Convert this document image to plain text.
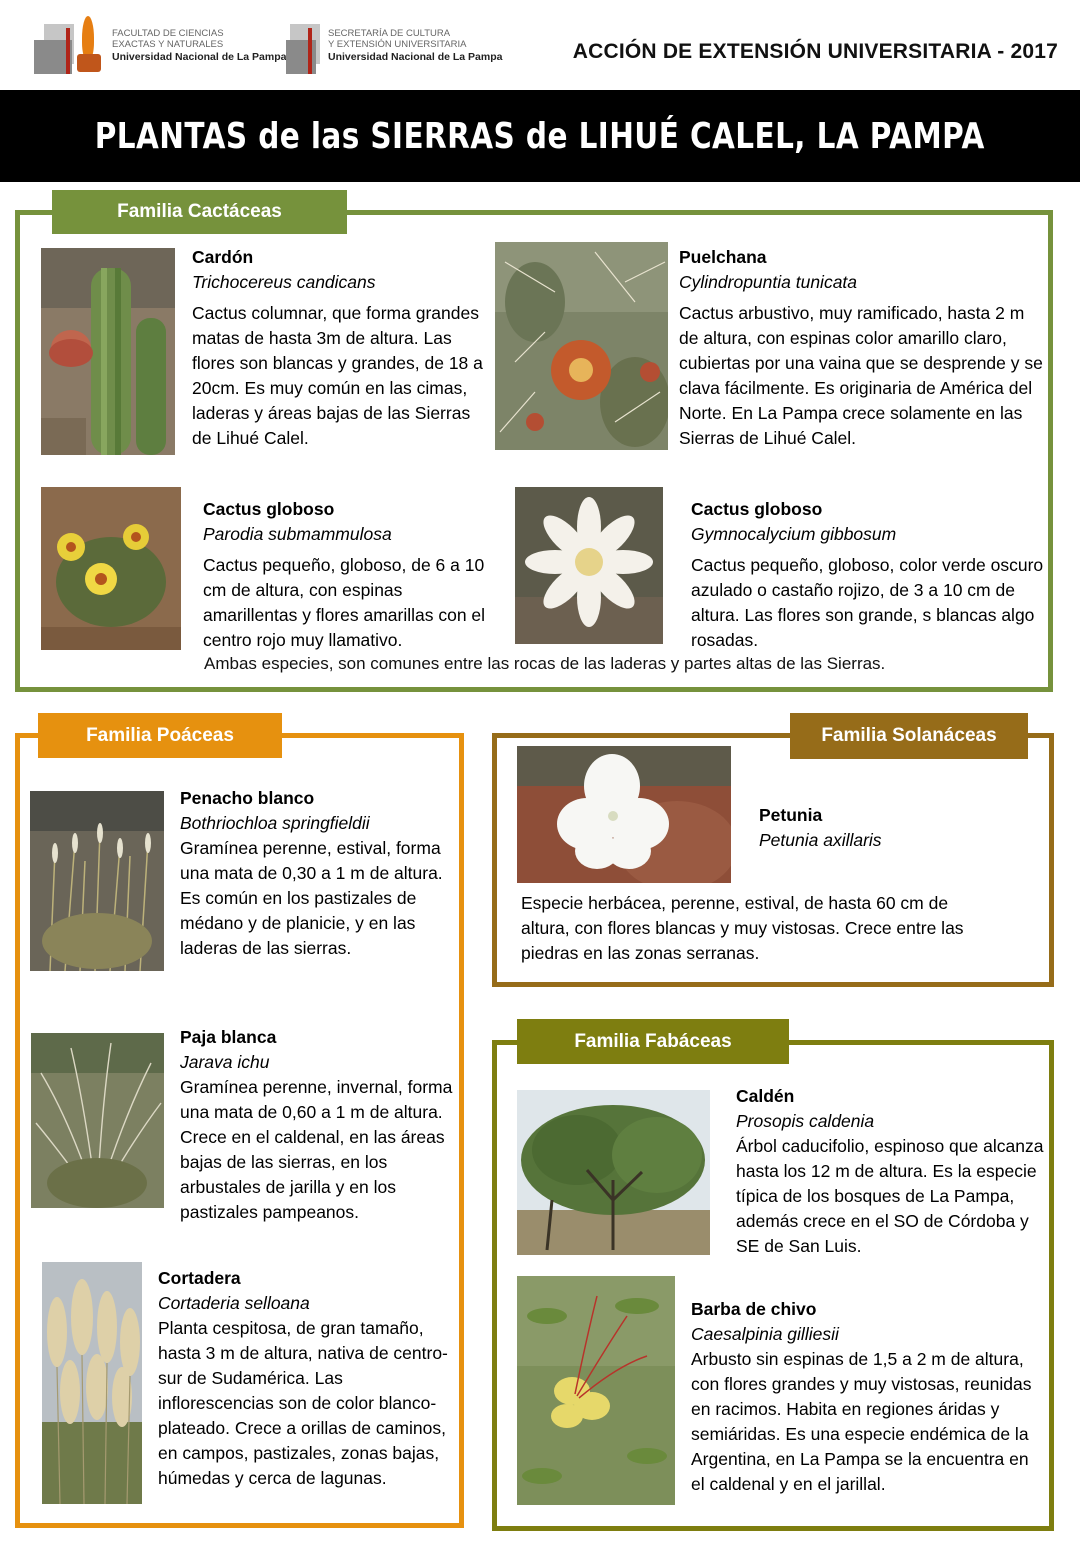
FACULTAD DE CIENCIAS
EXACTAS Y NATURALES
Universidad Nacional de La Pampa
SECRETARÍA DE CULTURA
Y EXTENSIÓN UNIVERSITARIA
Universidad Nacional de La Pampa	ACCIÓN DE EXTENSIÓN UNIVERSITARIA - 2017
PLANTAS de las SIERRAS de LIHUÉ CALEL, LA PAMPA
Familia Cactáceas
Familia Poáceas	Familia Solanáceas
Familia Fabáceas
Cardón
Trichocereus candicans
Cactus columnar, que forma grandes matas de hasta 3m de altura. Las flores son blancas y grandes, de 18 a 20cm. Es muy común en las cimas, laderas y áreas bajas de las Sierras de Lihué Calel.
Puelchana
Cylindropuntia tunicata
Cactus arbustivo, muy ramificado, hasta 2 m de altura, con espinas color amarillo claro, cubiertas por una vaina que se desprende y se clava fácilmente. Es originaria de América del Norte. En La Pampa crece solamente en las Sierras de Lihué Calel.
Cactus globoso
Parodia submammulosa
Cactus pequeño, globoso, de 6 a 10 cm de altura, con espinas amarillentas y flores amarillas con el centro rojo muy llamativo.
Cactus globoso
Gymnocalycium gibbosum
Cactus pequeño, globoso, color verde oscuro azulado o castaño rojizo, de 3 a 10 cm de altura. Las flores son grande, s blancas algo rosadas.
Ambas especies, son comunes entre las rocas de las laderas y partes altas de las Sierras.
Penacho blanco
Bothriochloa springfieldii
Gramínea perenne, estival, forma una mata de 0,30 a 1 m de altura. Es común en los pastizales de médano y de planicie, y en las laderas de las sierras.
Paja blanca
Jarava ichu
Gramínea perenne, invernal, forma una mata de 0,60 a 1 m de altura. Crece en el caldenal, en las áreas bajas de las sierras, en los arbustales de jarilla y en los pastizales pampeanos.
Cortadera
Cortaderia selloana
Planta cespitosa, de gran tamaño, hasta 3 m de altura, nativa de centro-sur de Sudamérica. Las inflorescencias son de color blanco-plateado. Crece a orillas de caminos, en campos, pastizales, zonas bajas, húmedas y cerca de lagunas.
Petunia
Petunia axillaris
Especie herbácea, perenne, estival, de hasta 60 cm de altura, con flores blancas y muy vistosas. Crece entre las piedras en las zonas serranas.
Caldén
Prosopis caldenia
Árbol caducifolio, espinoso que alcanza hasta los 12 m de altura. Es la especie típica de los bosques de La Pampa, además crece en el SO de Córdoba y SE de San Luis.
Barba de chivo
Caesalpinia gilliesii
Arbusto sin espinas de 1,5 a 2 m de altura, con flores grandes y muy vistosas, reunidas en racimos. Habita en regiones áridas y semiáridas. Es una especie endémica de la Argentina, en La Pampa se la encuentra en el caldenal y en el jarillal.
